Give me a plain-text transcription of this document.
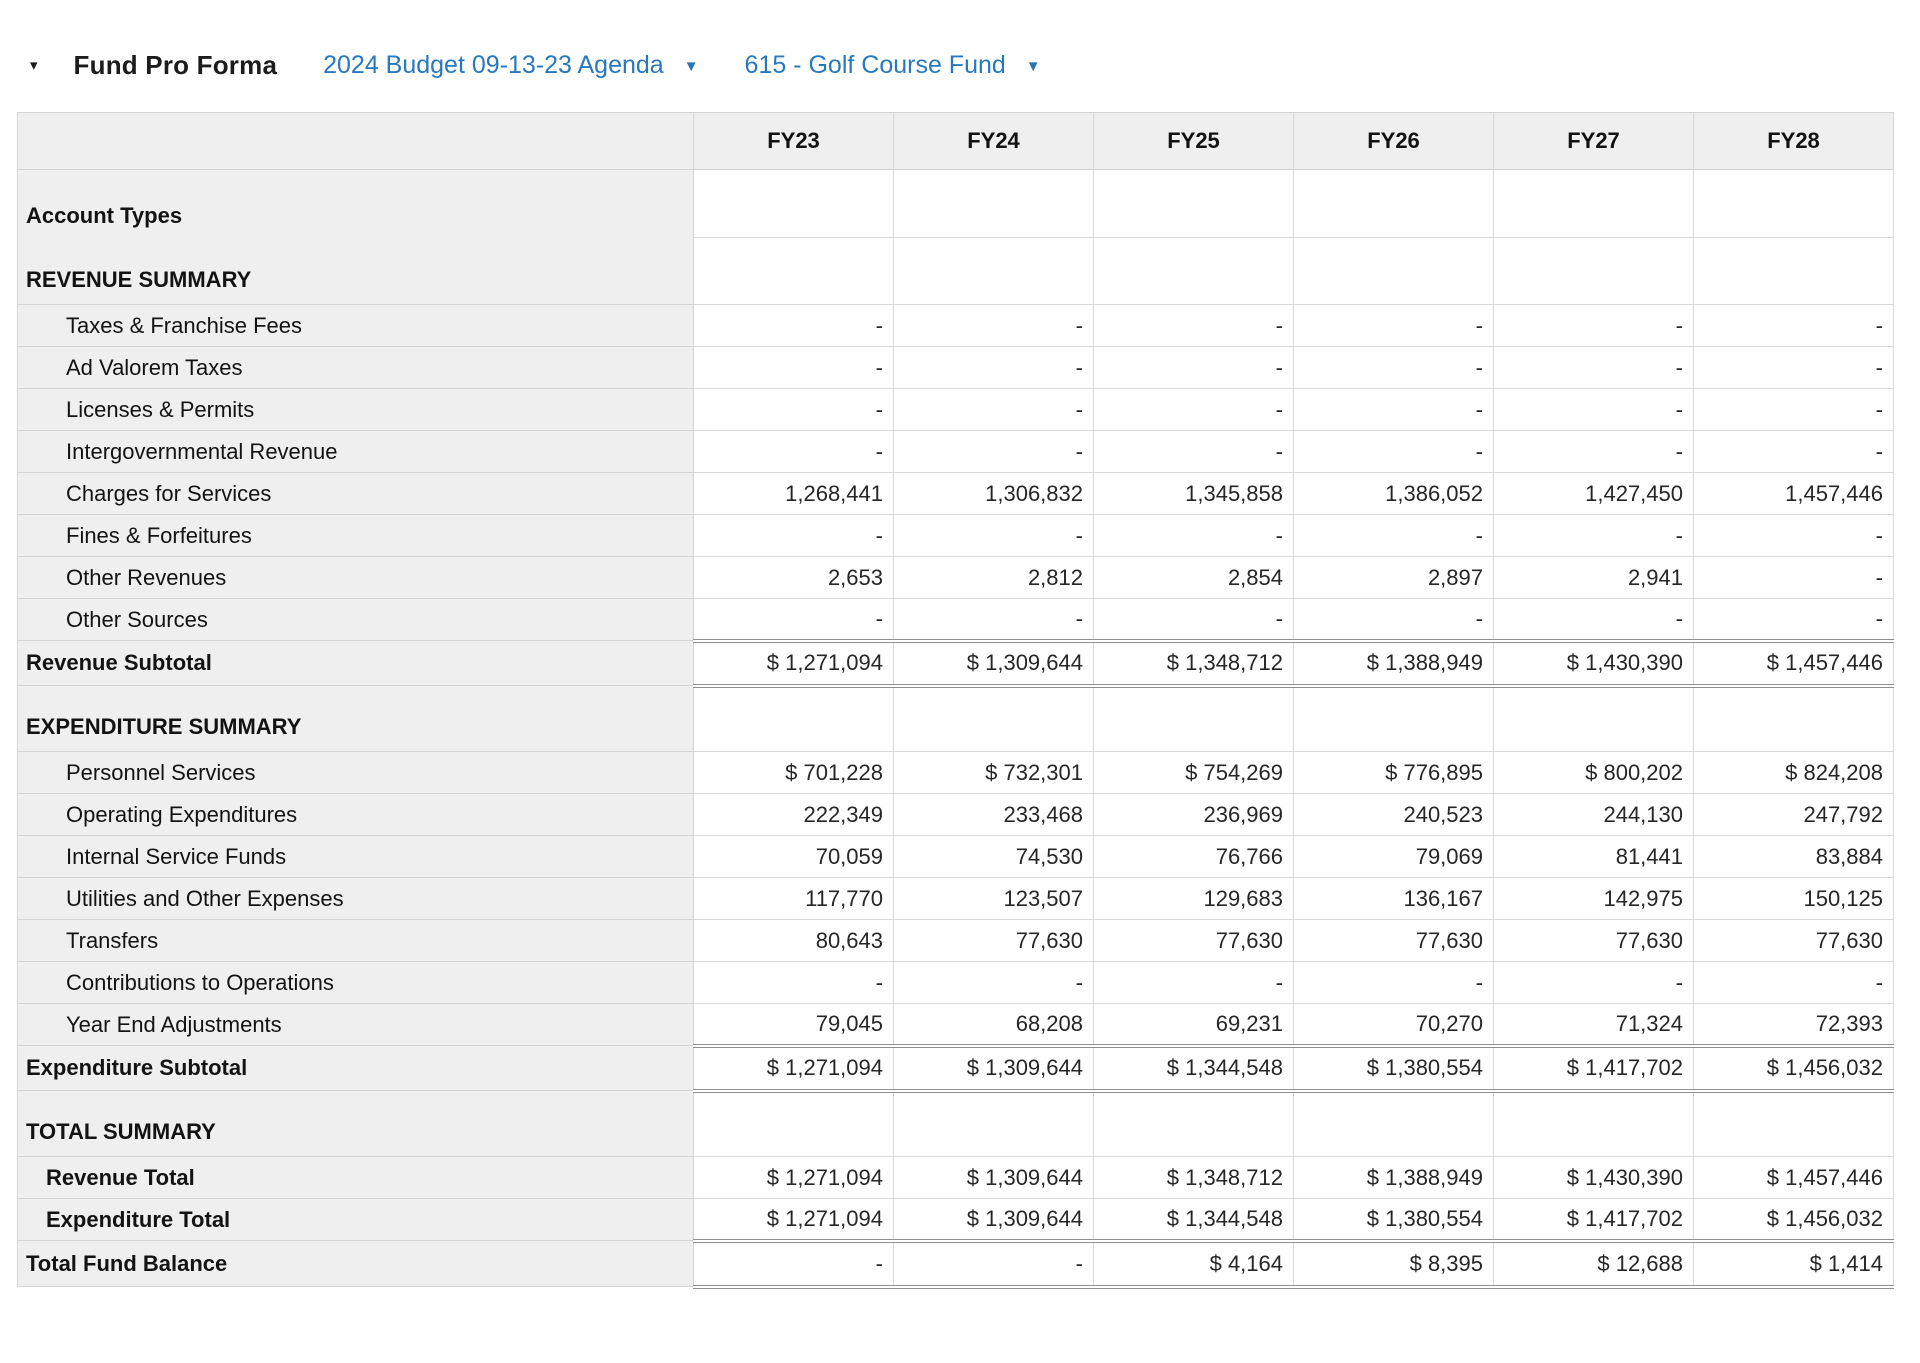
▾ Fund Pro Forma 2024 Budget 09-13-23 Agenda ▼ 615 - Golf Course Fund ▼
	FY23	FY24	FY25	FY26	FY27	FY28
Account Types						
REVENUE SUMMARY						
Taxes & Franchise Fees	-	-	-	-	-	-
Ad Valorem Taxes	-	-	-	-	-	-
Licenses & Permits	-	-	-	-	-	-
Intergovernmental Revenue	-	-	-	-	-	-
Charges for Services	1,268,441	1,306,832	1,345,858	1,386,052	1,427,450	1,457,446
Fines & Forfeitures	-	-	-	-	-	-
Other Revenues	2,653	2,812	2,854	2,897	2,941	-
Other Sources	-	-	-	-	-	-
Revenue Subtotal	$ 1,271,094	$ 1,309,644	$ 1,348,712	$ 1,388,949	$ 1,430,390	$ 1,457,446
EXPENDITURE SUMMARY						
Personnel Services	$ 701,228	$ 732,301	$ 754,269	$ 776,895	$ 800,202	$ 824,208
Operating Expenditures	222,349	233,468	236,969	240,523	244,130	247,792
Internal Service Funds	70,059	74,530	76,766	79,069	81,441	83,884
Utilities and Other Expenses	117,770	123,507	129,683	136,167	142,975	150,125
Transfers	80,643	77,630	77,630	77,630	77,630	77,630
Contributions to Operations	-	-	-	-	-	-
Year End Adjustments	79,045	68,208	69,231	70,270	71,324	72,393
Expenditure Subtotal	$ 1,271,094	$ 1,309,644	$ 1,344,548	$ 1,380,554	$ 1,417,702	$ 1,456,032
TOTAL SUMMARY						
Revenue Total	$ 1,271,094	$ 1,309,644	$ 1,348,712	$ 1,388,949	$ 1,430,390	$ 1,457,446
Expenditure Total	$ 1,271,094	$ 1,309,644	$ 1,344,548	$ 1,380,554	$ 1,417,702	$ 1,456,032
Total Fund Balance	-	-	$ 4,164	$ 8,395	$ 12,688	$ 1,414
